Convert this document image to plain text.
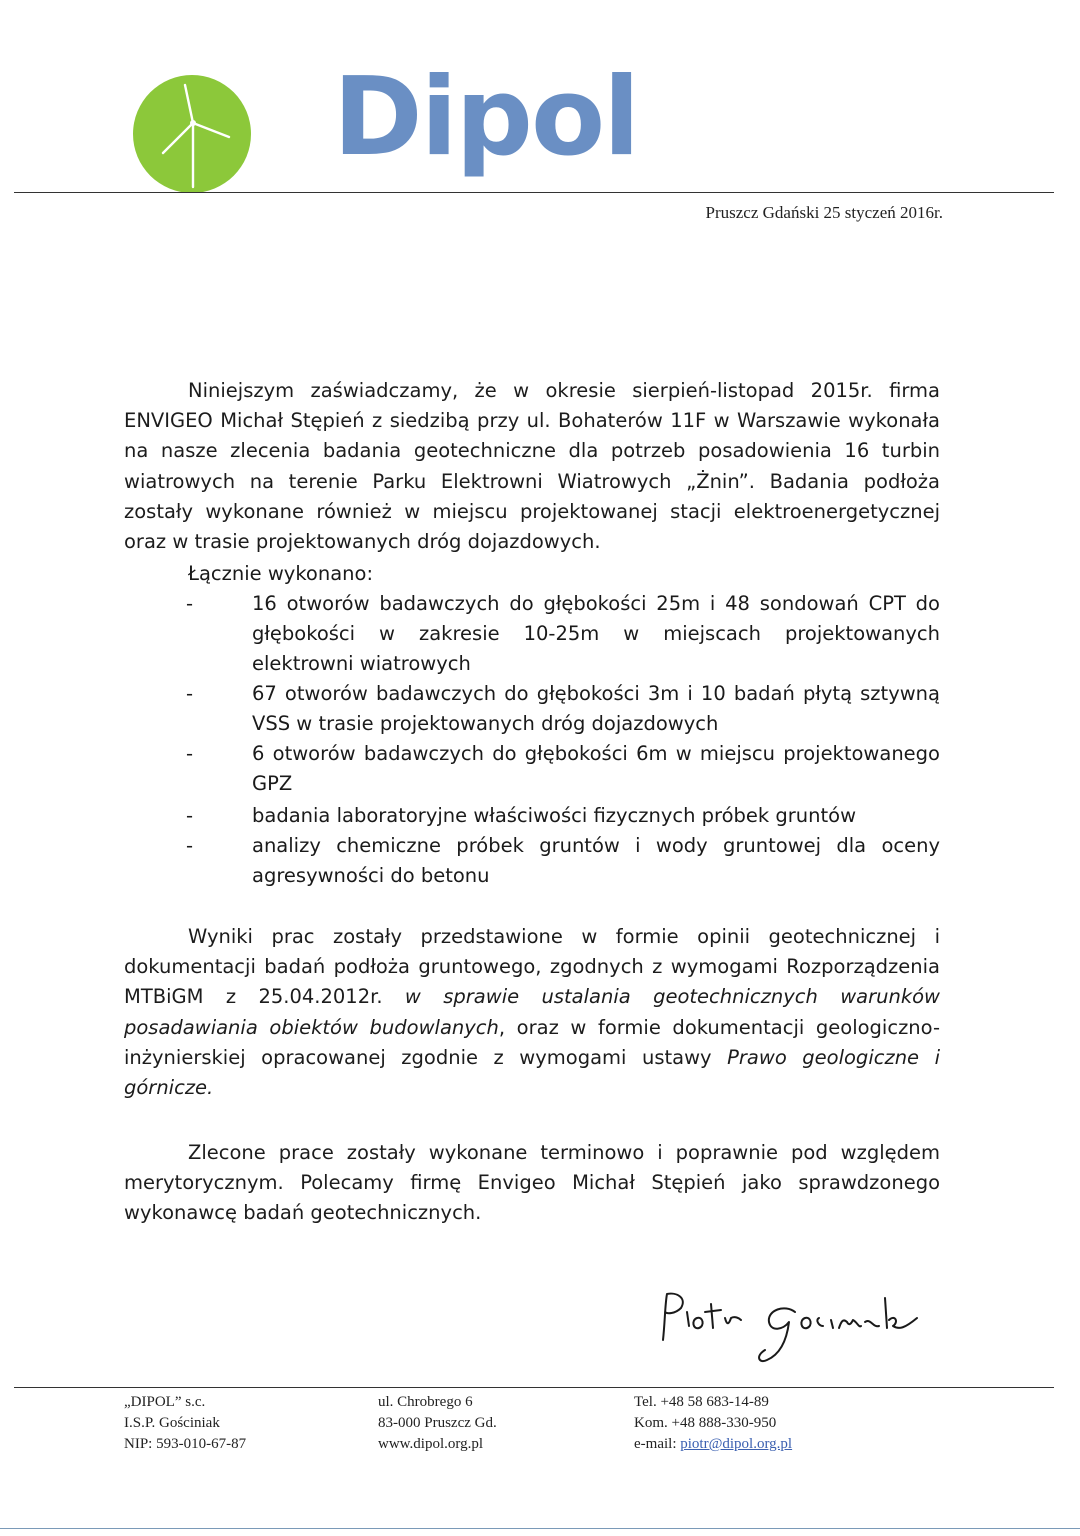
Dipol
Pruszcz Gdański 25 styczeń 2016r.
Niniejszym zaświadczamy, że w okresie sierpień-listopad 2015r. firma ENVIGEO Michał Stępień z siedzibą przy ul. Bohaterów 11F w Warszawie wykonała na nasze zlecenia badania geotechniczne dla potrzeb posadowienia 16 turbin wiatrowych na terenie Parku Elektrowni Wiatrowych „Żnin”. Badania podłoża zostały wykonane również w miejscu projektowanej stacji elektroenergetycznej oraz w trasie projektowanych dróg dojazdowych.
Łącznie wykonano:
-	16 otworów badawczych do głębokości 25m i 48 sondowań CPT do głębokości w zakresie 10-25m w miejscach projektowanych elektrowni wiatrowych
-	67 otworów badawczych do głębokości 3m i 10 badań płytą sztywną VSS w trasie projektowanych dróg dojazdowych
-	6 otworów badawczych do głębokości 6m w miejscu projektowanego GPZ
-	badania laboratoryjne właściwości fizycznych próbek gruntów
-	analizy chemiczne próbek gruntów i wody gruntowej dla oceny agresywności do betonu
Wyniki prac zostały przedstawione w formie opinii geotechnicznej i dokumentacji badań podłoża gruntowego, zgodnych z wymogami Rozporządzenia MTBiGM z 25.04.2012r. w sprawie ustalania geotechnicznych warunków posadawiania obiektów budowlanych, oraz w formie dokumentacji geologiczno-inżynierskiej opracowanej zgodnie z wymogami ustawy Prawo geologiczne i górnicze.
Zlecone prace zostały wykonane terminowo i poprawnie pod względem merytorycznym. Polecamy firmę Envigeo Michał Stępień jako sprawdzonego wykonawcę badań geotechnicznych.
„DIPOL” s.c.
I.S.P. Gościniak
NIP: 593-010-67-87
ul. Chrobrego 6
83-000 Pruszcz Gd.
www.dipol.org.pl
Tel. +48 58 683-14-89
Kom. +48 888-330-950
e-mail: piotr@dipol.org.pl
